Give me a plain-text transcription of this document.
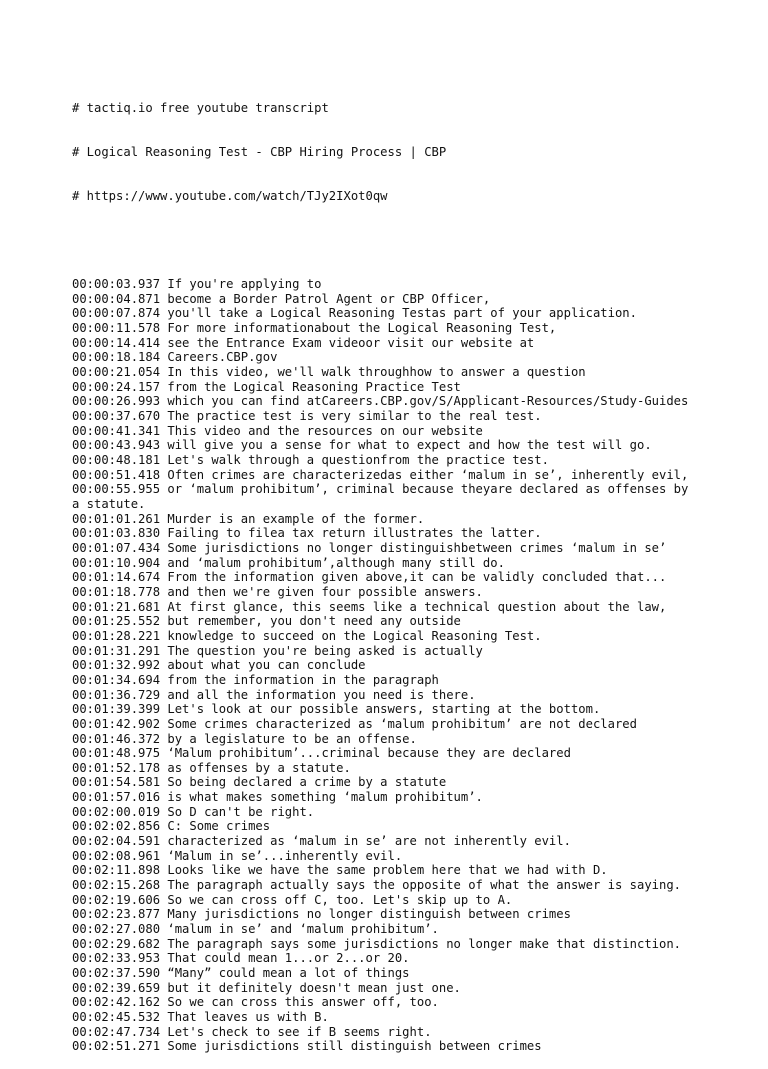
# tactiq.io free youtube transcript

# Logical Reasoning Test - CBP Hiring Process | CBP

# https://www.youtube.com/watch/TJy2IXot0qw

00:00:03.937 If you're applying to
00:00:04.871 become a Border Patrol Agent or CBP Officer,
00:00:07.874 you'll take a Logical Reasoning Testas part of your application.
00:00:11.578 For more informationabout the Logical Reasoning Test,
00:00:14.414 see the Entrance Exam videoor visit our website at
00:00:18.184 Careers.CBP.gov
00:00:21.054 In this video, we'll walk throughhow to answer a question
00:00:24.157 from the Logical Reasoning Practice Test
00:00:26.993 which you can find atCareers.CBP.gov/S/Applicant-Resources/Study-Guides
00:00:37.670 The practice test is very similar to the real test.
00:00:41.341 This video and the resources on our website
00:00:43.943 will give you a sense for what to expect and how the test will go.
00:00:48.181 Let's walk through a questionfrom the practice test.
00:00:51.418 Often crimes are characterizedas either ‘malum in se’, inherently evil,
00:00:55.955 or ‘malum prohibitum’, criminal because theyare declared as offenses by a statute.
00:01:01.261 Murder is an example of the former.
00:01:03.830 Failing to filea tax return illustrates the latter.
00:01:07.434 Some jurisdictions no longer distinguishbetween crimes ‘malum in se’
00:01:10.904 and ‘malum prohibitum’,although many still do.
00:01:14.674 From the information given above,it can be validly concluded that...
00:01:18.778 and then we're given four possible answers.
00:01:21.681 At first glance, this seems like a technical question about the law,
00:01:25.552 but remember, you don't need any outside
00:01:28.221 knowledge to succeed on the Logical Reasoning Test.
00:01:31.291 The question you're being asked is actually
00:01:32.992 about what you can conclude
00:01:34.694 from the information in the paragraph
00:01:36.729 and all the information you need is there.
00:01:39.399 Let's look at our possible answers, starting at the bottom.
00:01:42.902 Some crimes characterized as ‘malum prohibitum’ are not declared
00:01:46.372 by a legislature to be an offense.
00:01:48.975 ‘Malum prohibitum’...criminal because they are declared
00:01:52.178 as offenses by a statute.
00:01:54.581 So being declared a crime by a statute
00:01:57.016 is what makes something ‘malum prohibitum’.
00:02:00.019 So D can't be right.
00:02:02.856 C: Some crimes
00:02:04.591 characterized as ‘malum in se’ are not inherently evil.
00:02:08.961 ‘Malum in se’...inherently evil.
00:02:11.898 Looks like we have the same problem here that we had with D.
00:02:15.268 The paragraph actually says the opposite of what the answer is saying.
00:02:19.606 So we can cross off C, too. Let's skip up to A.
00:02:23.877 Many jurisdictions no longer distinguish between crimes
00:02:27.080 ‘malum in se’ and ‘malum prohibitum’.
00:02:29.682 The paragraph says some jurisdictions no longer make that distinction.
00:02:33.953 That could mean 1...or 2...or 20.
00:02:37.590 “Many” could mean a lot of things
00:02:39.659 but it definitely doesn't mean just one.
00:02:42.162 So we can cross this answer off, too.
00:02:45.532 That leaves us with B.
00:02:47.734 Let's check to see if B seems right.
00:02:51.271 Some jurisdictions still distinguish between crimes
